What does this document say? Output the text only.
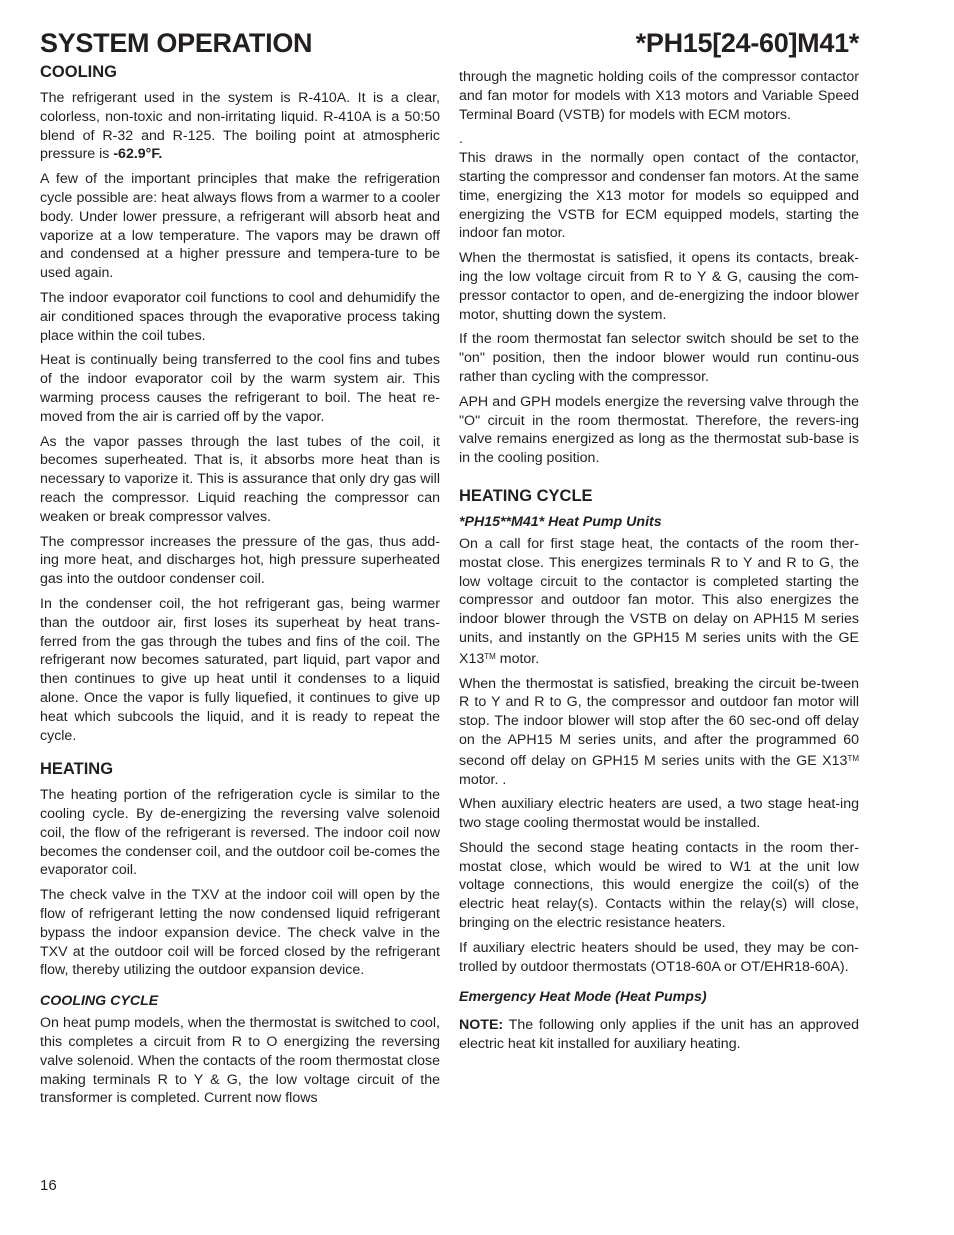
SYSTEM OPERATION	*PH15[24-60]M41*
COOLING

The refrigerant used in the system is R-410A. It is a clear, colorless, non-toxic and non-irritating liquid. R-410A is a 50:50 blend of R-32 and R-125. The boiling point at atmospheric pressure is -62.9°F.

A few of the important principles that make the refrigeration cycle possible are: heat always flows from a warmer to a cooler body. Under lower pressure, a refrigerant will absorb heat and vaporize at a low temperature. The vapors may be drawn off and condensed at a higher pressure and tempera-ture to be used again.

The indoor evaporator coil functions to cool and dehumidify the air conditioned spaces through the evaporative process taking place within the coil tubes.

Heat is continually being transferred to the cool fins and tubes of the indoor evaporator coil by the warm system air. This warming process causes the refrigerant to boil. The heat re-moved from the air is carried off by the vapor.

As the vapor passes through the last tubes of the coil, it becomes superheated. That is, it absorbs more heat than is necessary to vaporize it. This is assurance that only dry gas will reach the compressor. Liquid reaching the compressor can weaken or break compressor valves.

The compressor increases the pressure of the gas, thus add-ing more heat, and discharges hot, high pressure superheated gas into the outdoor condenser coil.

In the condenser coil, the hot refrigerant gas, being warmer than the outdoor air, first loses its superheat by heat trans-ferred from the gas through the tubes and fins of the coil. The refrigerant now becomes saturated, part liquid, part vapor and then continues to give up heat until it condenses to a liquid alone. Once the vapor is fully liquefied, it continues to give up heat which subcools the liquid, and it is ready to repeat the cycle.

HEATING

The heating portion of the refrigeration cycle is similar to the cooling cycle. By de-energizing the reversing valve solenoid coil, the flow of the refrigerant is reversed. The indoor coil now becomes the condenser coil, and the outdoor coil be-comes the evaporator coil.

The check valve in the TXV at the indoor coil will open by the flow of refrigerant letting the now condensed liquid refrigerant bypass the indoor expansion device. The check valve in the TXV at the outdoor coil will be forced closed by the refrigerant flow, thereby utilizing the outdoor expansion device.

COOLING CYCLE

On heat pump models, when the thermostat is switched to cool, this completes a circuit from R to O energizing the reversing valve solenoid. When the contacts of the room thermostat close making terminals R to Y & G, the low voltage circuit of the transformer is completed. Current now flows

through the magnetic holding coils of the compressor contactor and fan motor for models with X13 motors and Variable Speed Terminal Board (VSTB) for models with ECM motors.

.

This draws in the normally open contact of the contactor, starting the compressor and condenser fan motors. At the same time, energizing the X13 motor for models so equipped and energizing the VSTB for ECM equipped models, starting the indoor fan motor.

When the thermostat is satisfied, it opens its contacts, break-ing the low voltage circuit from R to Y & G, causing the com-pressor contactor to open, and de-energizing the indoor blower motor, shutting down the system.

If the room thermostat fan selector switch should be set to the "on" position, then the indoor blower would run continu-ous rather than cycling with the compressor.

APH and GPH models energize the reversing valve through the "O" circuit in the room thermostat. Therefore, the revers-ing valve remains energized as long as the thermostat sub-base is in the cooling position.

HEATING CYCLE
*PH15**M41* Heat Pump Units

On a call for first stage heat, the contacts of the room ther-mostat close. This energizes terminals R to Y and R to G, the low voltage circuit to the contactor is completed starting the compressor and outdoor fan motor. This also energizes the indoor blower through the VSTB on delay on APH15 M series units, and instantly on the GPH15 M series units with the GE X13™ motor.

When the thermostat is satisfied, breaking the circuit be-tween R to Y and R to G, the compressor and outdoor fan motor will stop. The indoor blower will stop after the 60 sec-ond off delay on the APH15 M series units, and after the programmed 60 second off delay on GPH15 M series units with the GE X13™ motor. .

When auxiliary electric heaters are used, a two stage heat-ing two stage cooling thermostat would be installed.

Should the second stage heating contacts in the room ther-mostat close, which would be wired to W1 at the unit low voltage connections, this would energize the coil(s) of the electric heat relay(s). Contacts within the relay(s) will close, bringing on the electric resistance heaters.

If auxiliary electric heaters should be used, they may be con-trolled by outdoor thermostats (OT18-60A or OT/EHR18-60A).

Emergency Heat Mode (Heat Pumps)

NOTE: The following only applies if the unit has an approved electric heat kit installed for auxiliary heating.

16
